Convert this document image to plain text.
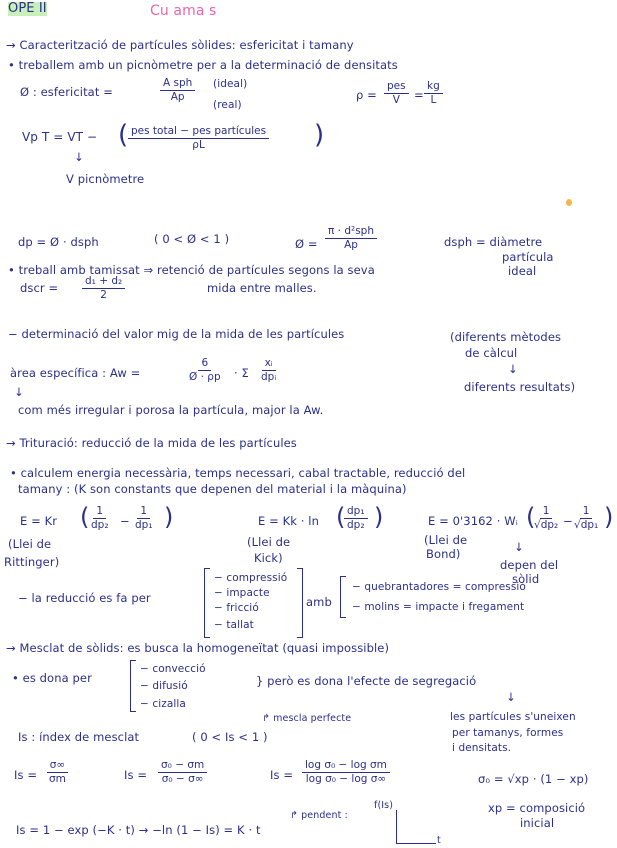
OPE II	Cu ama s
→ Caracterització de partícules sòlides: esfericitat i tamany
• treballem amb un picnòmetre per a la determinació de densitats
Ø : esfericitat =
A sph
Ap
(ideal)
(real)
ρ =
pes
$V = \frac{kg}{L}$
Vp T = VT − ( pes total − pes partícules
ρL	)
↓
V picnòmetre
dp = Ø · dsph	( 0 < Ø < 1 )	Ø =
π · d²sph
Ap	dsph = diàmetre
partícula
ideal
• treball amb tamissat ⇒ retenció de partícules segons la seva
mida entre malles.
dscr = $\frac{\text{d₁ + d₂}}{2}$
− determinació del valor mig de la mida de les partícules	(diferents mètodes
de càlcul
àrea específica : Aw =	$\frac{6}{Ø \cdot \rho p} \cdot \Sigma$
xᵢ
dpᵢ
↓
diferents resultats)
↓
com més irregular i porosa la partícula, major la Aw.
→ Trituració: reducció de la mida de les partícules
• calculem energia necessària, temps necessari, cabal tractable, reducció del
tamany : (K son constants que depenen del material i la màquina)
E = Kr (
$\frac{1}{\text{dp₂}} - \frac{1}{\text{dp₁}}$ )
(Llei de
Rittinger)
E = Kk · ln (
$\frac{\text{dp₁}}{\text{dp₂}}$ )
(Llei de
Kick)
E = 0'3162 · Wᵢ (
$\frac{1}{\text{√dp₂}}$ −
$\frac{1}{\text{√dp₁}}$ )
(Llei de
Bond)	↓
depen del
sòlid
− la reducció es fa per
− compressió
− impacte
− fricció
− tallat
amb
− quebrantadores = compressió
− molins = impacte i fregament
→ Mesclat de sòlids: es busca la homogeneïtat (quasi impossible)
• es dona per
− convecció
− difusió
− cizalla
} però es dona l'efecte de segregació
↓
↱ mescla perfecte	les partícules s'uneixen
per tamanys, formes
i densitats.
Is : índex de mesclat	( 0 < Is < 1 )
$Is = \frac{\sigma\infty}{\sigma m}$	$Is = \frac{\text{σ₀ − σm}}{\text{σ₀ − σ∞}}$	$Is = \frac{\text{log σ₀ − log σm}}{\text{log σ₀ − log σ∞}}$	σ₀ = √xp · (1 − xp)
xp = composició
inicial
Is = 1 − exp (−K · t) → −ln (1 − Is) = K · t
↱ pendent :
f(Is)
t
